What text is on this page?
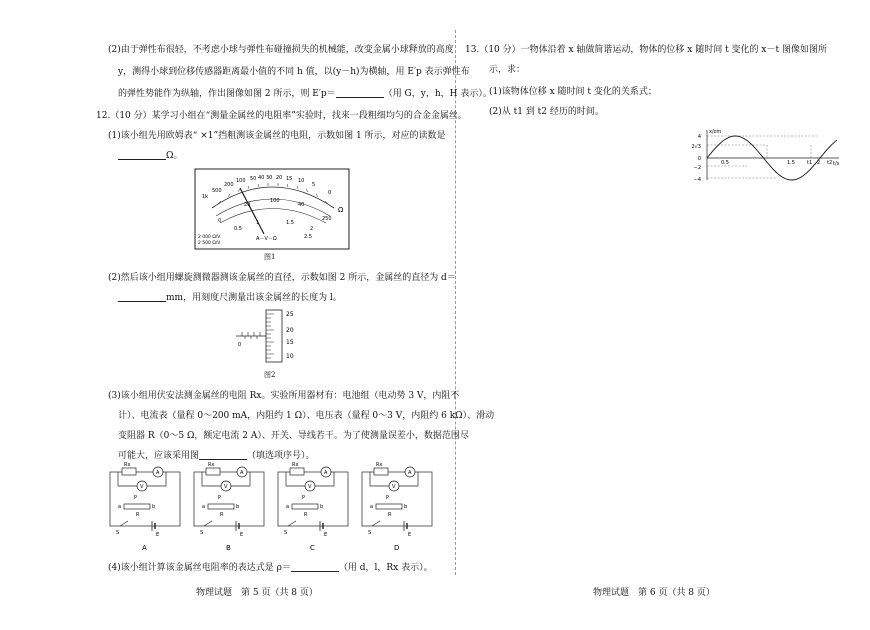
(2)由于弹性布很轻，不考虑小球与弹性布碰撞损失的机械能，改变金属小球释放的高度
y，测得小球到位移传感器距离最小值的不同 h 值，以(y－h)为横轴，用 E′p 表示弹性布
的弹性势能作为纵轴，作出图像如图 2 所示，则 E′p＝	（用 G，y，h，H 表示）。
12.（10 分）某学习小组在“测量金属丝的电阻率”实验时，找来一段粗细均匀的合金金属丝。
(1)该小组先用欧姆表“ ×1”挡粗测该金属丝的电阻，示数如图 1 所示，对应的读数是
Ω。
1k
500
200
100 50 40 30 20 15 10
5
0
Ω
0
20
100
40
250
0.5
1	1.5
2
2.5
2 000 Ω/V
2 500 Ω/V
A－V－Ω
图1
(2)然后该小组用螺旋测微器测该金属丝的直径，示数如图 2 所示，金属丝的直径为 d＝
mm，用刻度尺测量出该金属丝的长度为 l。
0
25
20
15
10
图2
(3)该小组用伏安法测金属丝的电阻 Rx。实验所用器材有：电池组（电动势 3 V，内阻不
计）、电流表（量程 0～200 mA，内阻约 1 Ω）、电压表（量程 0～3 V，内阻约 6 kΩ）、滑动
变阻器 R（0～5 Ω，额定电流 2 A）、开关、导线若干。为了使测量误差小，数据范围尽
可能大，应该采用图	（填选项序号）。
Rx
A
V
P
R
a	b
S	E
A
Rx
A
V
P
R
a	b
S	E
B
Rx
A
V
P
R
a	b
S	E
C
Rx
A
V
P
R
a	b
S	E
D
(4)该小组计算该金属丝电阻率的表达式是 ρ＝	（用 d，l，Rx 表示）。
物理试题　第 5 页（共 8 页）
13.（10 分）一物体沿着 x 轴做简谐运动，物体的位移 x 随时间 t 变化的 x－t 图像如图所
示，求：
(1)该物体位移 x 随时间 t 变化的关系式；
(2)从 t1 到 t2 经历的时间。
x/cm
t/s
4
2√3
0
−2
−4
0.5	1.5 t1 2 t2
物理试题　第 6 页（共 8 页）
